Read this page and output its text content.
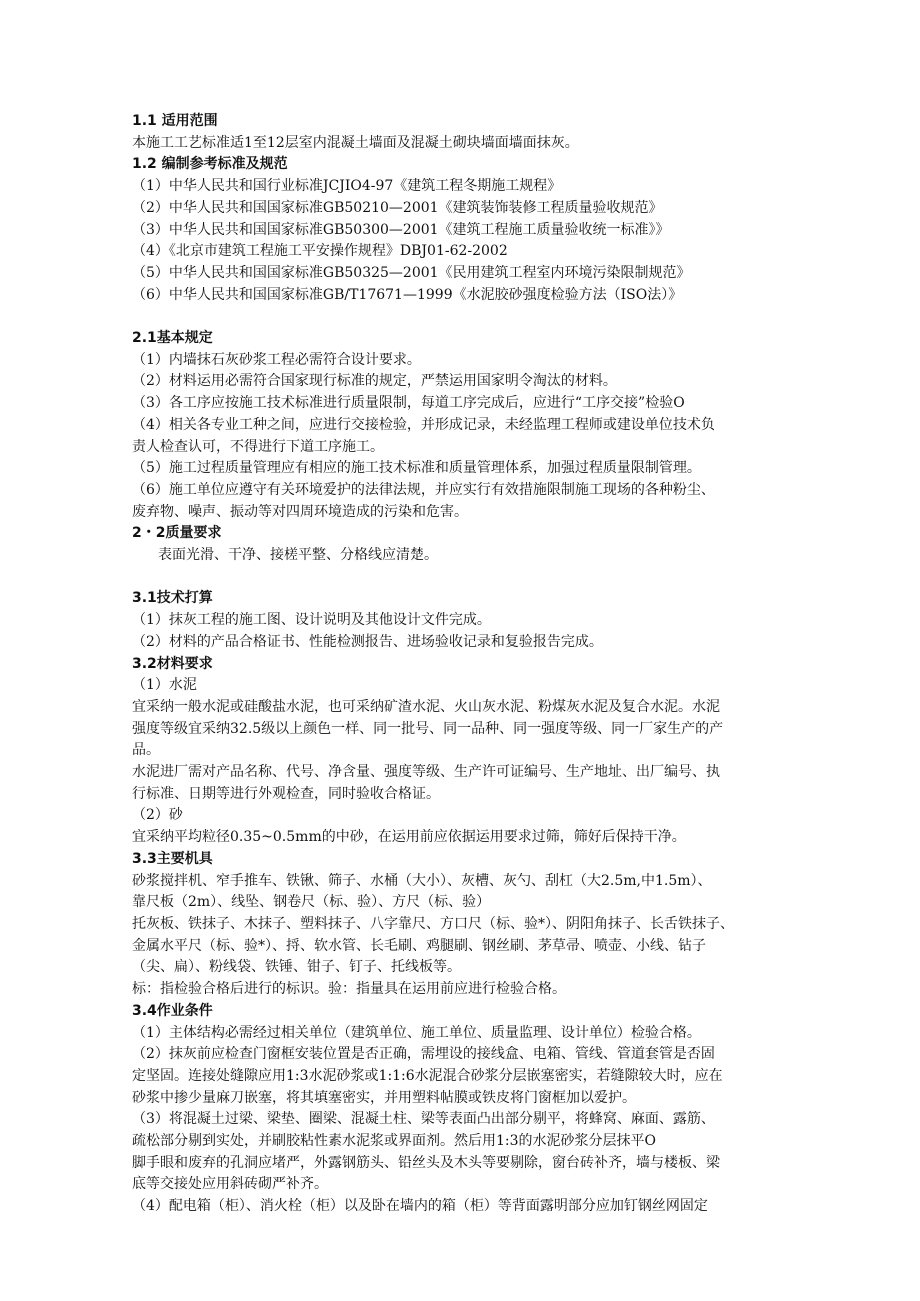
1.1 适用范围
本施工工艺标准适1至12层室内混凝土墙面及混凝土砌块墙面墙面抹灰。
1.2 编制参考标准及规范
（1）中华人民共和国行业标准JCJIO4-97《建筑工程冬期施工规程》
（2）中华人民共和国国家标准GB50210—2001《建筑装饰装修工程质量验收规范》
（3）中华人民共和国国家标准GB50300—2001《建筑工程施工质量验收统一标准》》
（4）《北京市建筑工程施工平安操作规程》DBJ01-62-2002
（5）中华人民共和国国家标准GB50325—2001《民用建筑工程室内环境污染限制规范》
（6）中华人民共和国国家标准GB/T17671—1999《水泥胶砂强度检验方法（ISO法）》
2.1基本规定
（1）内墙抹石灰砂浆工程必需符合设计要求。
（2）材料运用必需符合国家现行标准的规定，严禁运用国家明令淘汰的材料。
（3）各工序应按施工技术标准进行质量限制，每道工序完成后，应进行“工序交接”检验O
（4）相关各专业工种之间，应进行交接检验，并形成记录，未经监理工程师或建设单位技术负
责人检查认可，不得进行下道工序施工。
（5）施工过程质量管理应有相应的施工技术标准和质量管理体系，加强过程质量限制管理。
（6）施工单位应遵守有关环境爱护的法律法规，并应实行有效措施限制施工现场的各种粉尘、
废弃物、噪声、振动等对四周环境造成的污染和危害。
2・2质量要求
表面光滑、干净、接槎平整、分格线应清楚。
3.1技术打算
（1）抹灰工程的施工图、设计说明及其他设计文件完成。
（2）材料的产品合格证书、性能检测报告、进场验收记录和复验报告完成。
3.2材料要求
（1）水泥
宜采纳一般水泥或硅酸盐水泥，也可采纳矿渣水泥、火山灰水泥、粉煤灰水泥及复合水泥。水泥
强度等级宜采纳32.5级以上颜色一样、同一批号、同一品种、同一强度等级、同一厂家生产的产
品。
水泥进厂需对产品名称、代号、净含量、强度等级、生产许可证编号、生产地址、出厂编号、执
行标准、日期等进行外观检查，同时验收合格证。
（2）砂
宜采纳平均粒径0.35~0.5mm的中砂，在运用前应依据运用要求过筛，筛好后保持干净。
3.3主要机具
砂浆搅拌机、窄手推车、铁锹、筛子、水桶（大小）、灰槽、灰勺、刮杠（大2.5m,中1.5m）、
靠尺板（2m）、线坠、钢卷尺（标、验）、方尺（标、验）
托灰板、铁抹子、木抹子、塑料抹子、八字靠尺、方口尺（标、验*）、阴阳角抹子、长舌铁抹子、
金属水平尺（标、验*）、捋、软水管、长毛刷、鸡腿刷、钢丝刷、茅草帚、喷壶、小线、钻子
（尖、扁）、粉线袋、铁锤、钳子、钉子、托线板等。
标：指检验合格后进行的标识。验：指量具在运用前应进行检验合格。
3.4作业条件
（1）主体结构必需经过相关单位（建筑单位、施工单位、质量监理、设计单位）检验合格。
（2）抹灰前应检查门窗框安装位置是否正确，需埋设的接线盒、电箱、管线、管道套管是否固
定坚固。连接处缝隙应用1:3水泥砂浆或1:1:6水泥混合砂浆分层嵌塞密实，若缝隙较大时，应在
砂浆中掺少量麻刀嵌塞，将其填塞密实，并用塑料帖膜或铁皮将门窗框加以爱护。
（3）将混凝土过梁、梁垫、圈梁、混凝土柱、梁等表面凸出部分剔平，将蜂窝、麻面、露筋、
疏松部分剔到实处，并刷胶粘性素水泥浆或界面剂。然后用1:3的水泥砂浆分层抹平O
脚手眼和废弃的孔洞应堵严，外露钢筋头、铅丝头及木头等要剔除，窗台砖补齐，墙与楼板、梁
底等交接处应用斜砖砌严补齐。
（4）配电箱（柜）、消火栓（柜）以及卧在墙内的箱（柜）等背面露明部分应加钉钢丝网固定
